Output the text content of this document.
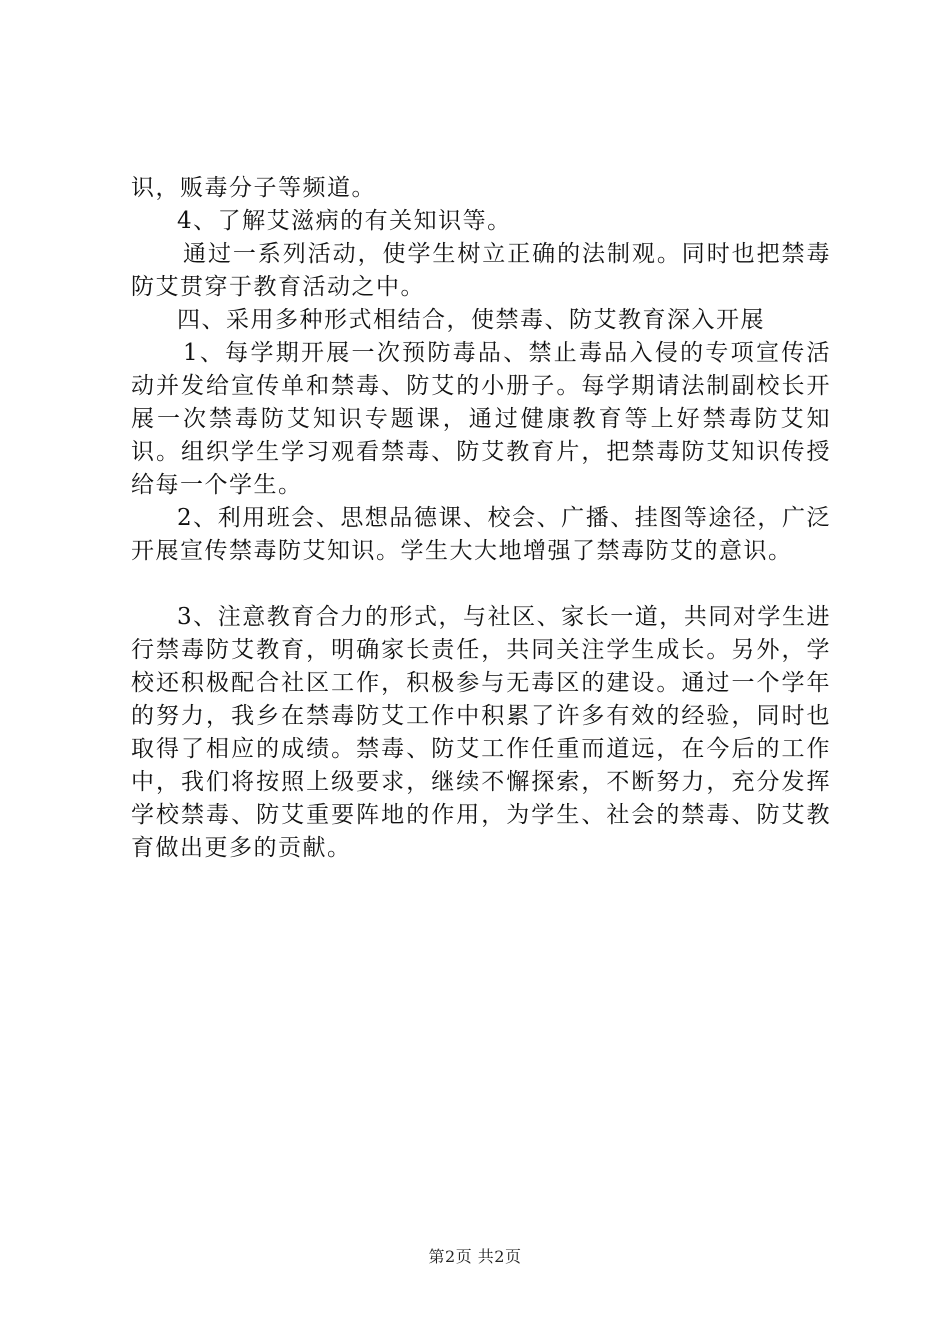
识，贩毒分子等频道。

4、了解艾滋病的有关知识等。

通过一系列活动，使学生树立正确的法制观。同时也把禁毒防艾贯穿于教育活动之中。

四、采用多种形式相结合，使禁毒、防艾教育深入开展

1、每学期开展一次预防毒品、禁止毒品入侵的专项宣传活动并发给宣传单和禁毒、防艾的小册子。每学期请法制副校长开展一次禁毒防艾知识专题课，通过健康教育等上好禁毒防艾知识。组织学生学习观看禁毒、防艾教育片，把禁毒防艾知识传授给每一个学生。

2、利用班会、思想品德课、校会、广播、挂图等途径，广泛开展宣传禁毒防艾知识。学生大大地增强了禁毒防艾的意识。

3、注意教育合力的形式，与社区、家长一道，共同对学生进行禁毒防艾教育，明确家长责任，共同关注学生成长。另外，学校还积极配合社区工作，积极参与无毒区的建设。通过一个学年的努力，我乡在禁毒防艾工作中积累了许多有效的经验，同时也取得了相应的成绩。禁毒、防艾工作任重而道远，在今后的工作中，我们将按照上级要求，继续不懈探索，不断努力，充分发挥学校禁毒、防艾重要阵地的作用，为学生、社会的禁毒、防艾教育做出更多的贡献。

第2页 共2页
